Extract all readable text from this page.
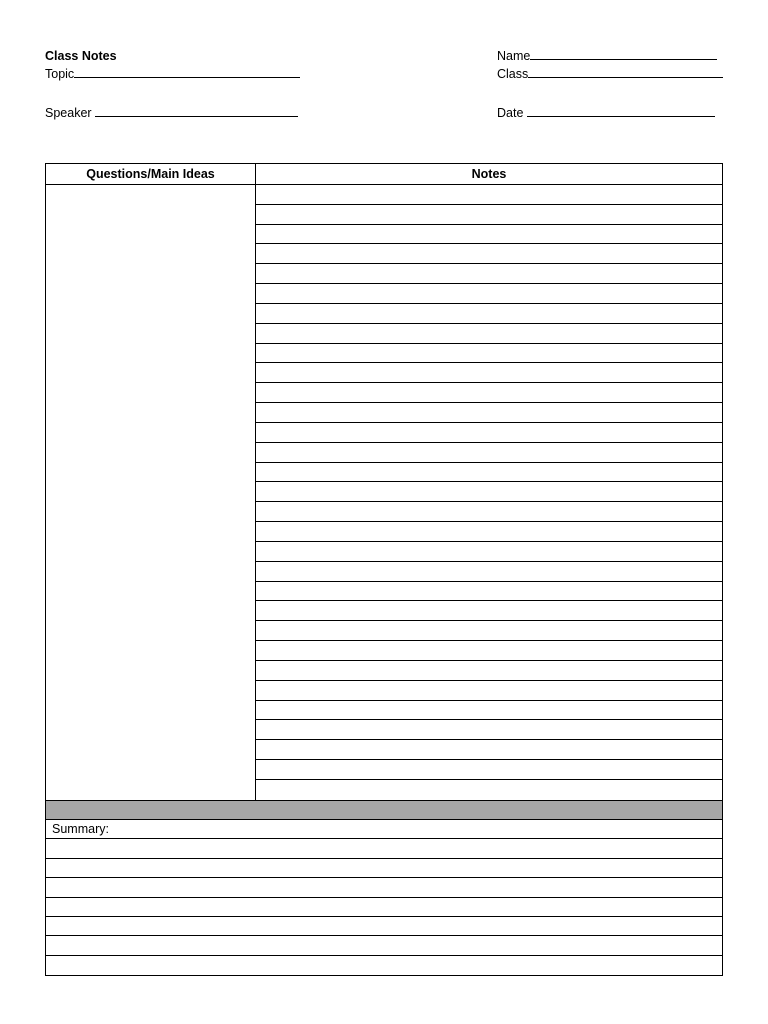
Class Notes
Topic
Speaker
Name
Class
Date
Questions/Main Ideas	Notes
Summary:
